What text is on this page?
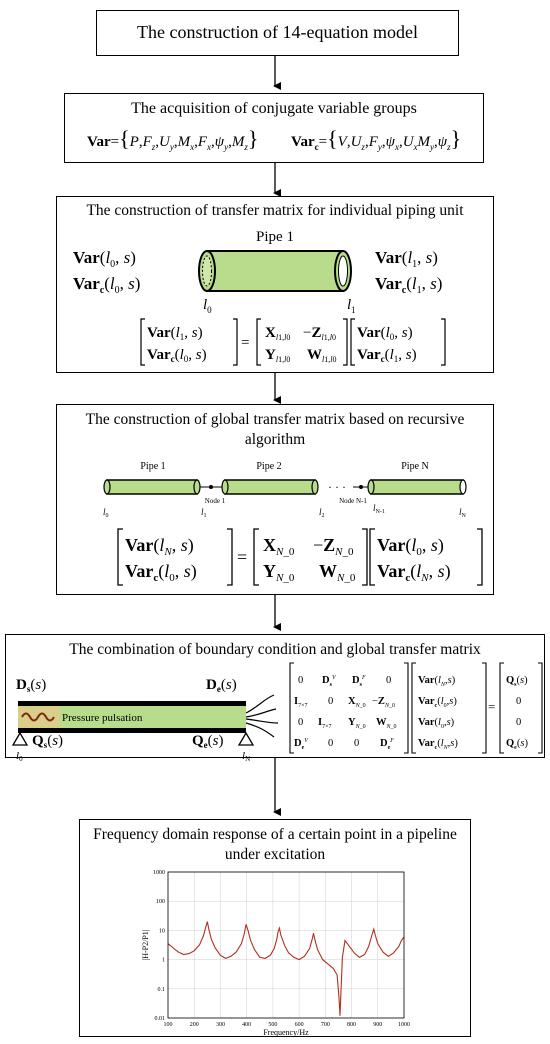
The construction of 14-equation model
The acquisition of conjugate variable groups
$Var=\{P,F_z,U_y,M_x,F_x,\psi_y,M_z\}$ $Var_c=\{V,U_z,F_y,\psi_x,U_xM_y,\psi_z\}$
The construction of transfer matrix for individual piping unit
Pipe 1
$Var(l_0$, s)
$Var_c(l_0$, s)
$Var(l_1$, s)
$Var_c(l_1$, s)
$l_0$	$l_1$
$Var(l_1$, s)
$Var_c(l_0$, s)
=
$X_{l1,l0} -Z_{l1,l0}$
$Y_{l1,l0}$ $W_{l1,l0}$
$Var(l_0$, s)
$Var_c(l_1$, s)
The construction of global transfer matrix based on recursive
algorithm
Pipe 1	Pipe 2	Pipe N
· · ·
Node 1	Node N-1
$l_0$	$l_1$	$l_2$
$l_{N-1}$	$l_N$
$Var(l_N$, s)
$Var_c(l_0$, s)
=
$X_{N\_0} -Z_{N\_0}$
$Y_{N\_0}$ $W_{N\_0}$
$Var(l_0$, s)
$Var_c(l_N$, s)
The combination of boundary condition and global transfer matrix
$D_s(s)$	$D_e(s)$
Pressure pulsation
$Q_s(s)$	$Q_e(s)$
l0	lN
0 $D_s^V$ $D_s^F$ 0
$I_{7\times 7}$ 0 $X_{N\_0} -Z_{N\_0}$
0 $I_{7\times 7}$ $Y_{N\_0}$ $W_{N\_0}$
$D_e^V$ 0 0 $D_e^F$
$Var(l_N,s)$
$Var_c(l_0,s)$
$Var(l_0,s)$
$Var_c(l_N,s)$
=
$Q_s(s)$
0
0
$Q_e(s)$
Frequency domain response of a certain point in a pipeline
under excitation
100	200	300	400	500	600	700	800	900	1000
0.01
0.1
1
10
100
1000
Frequency/Hz
|H-P2/P1|
